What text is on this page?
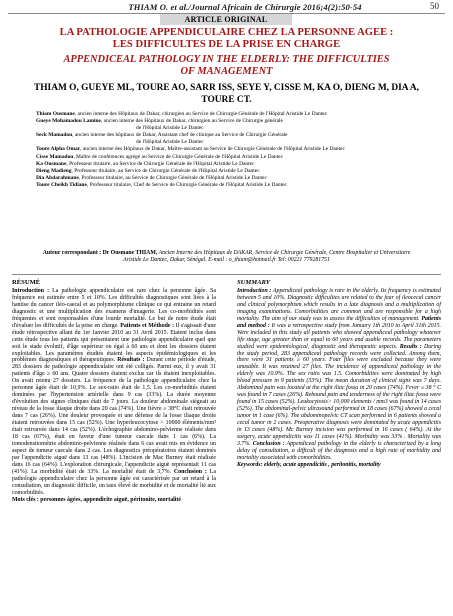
THIAM O. et al./Journal Africain de Chirurgie 2016;4(2):50-54	50
ARTICLE ORIGINAL
LA PATHOLOGIE APPENDICULAIRE CHEZ LA PERSONNE AGEE :
LES DIFFICULTES DE LA PRISE EN CHARGE
APPENDICEAL PATHOLOGY IN THE ELDERLY: THE DIFFICULTIES
OF MANAGEMENT
THIAM O, GUEYE ML, TOURE AO, SARR ISS, SEYE Y, CISSE M, KA O, DIENG M, DIA A,
TOURE CT.
Thiam Ousmane, ancien interne des Hôpitaux de Dakar, chirurgien au Service de Chirurgie Générale de l'Hôpital Aristide Le Dantec
Gueye Mohamadou Lamine, ancien interne des Hôpitaux de Dakar, chirurgien au Service de Chirurgie générale
de l'Hôpital Aristide Le Dantec
Seck Mamadou, ancien interne des hôpitaux de Dakar, Assistant chef de clinique au Service de Chirurgie Générale
de l'Hôpital Aristide Le Dantec
Toure Alpha Omar, ancien interne des Hôpitaux de Dakar, Maître-assistant au Service de Chirurgie Générale de l'Hôpital Aristide Le Dantec
Cisse Mamadou, Maître de conférences agrégé au Service de Chirurgie Générale de l'Hôpital Aristide Le Dantec
Ka Ousmane, Professeur titulaire, au Service de Chirurgie Générale de l'Hôpital Aristide Le Dantec
Dieng Madieng, Professeur titulaire, au Service de Chirurgie Générale de l'Hôpital Aristide Le Dantec
Dia Abdarahmane, Professeur titulaire, au Service de Chirurgie Générale de l'Hôpital Aristide Le Dantec
Toure Cheikh Tidiane, Professeur titulaire, Chef de Service de Chirurgie Générale de l'Hôpital Aristide Le Dantec
Auteur correspondant : Dr Ousmane THIAM, Ancien Interne des Hôpitaux de DAKAR, Service de Chirurgie Générale, Centre Hospitalier et Universitaire Aristide Le Dantec, Dakar, Sénégal. E-mail : o_thiam@hotmail.fr Tel: 00221 779281751
RÉSUMÉ

Introduction : La pathologie appendiculaire est rare chez la personne âgée. Sa fréquence est estimée entre 5 et 10%. Les difficultés diagnostiques sont liées à la hantise du cancer iléo-caecal et au polymorphisme clinique ce qui entraine un retard diagnostic et une multiplication des examens d'imagerie. Les co-morbidités sont fréquentes et sont responsables d'une lourde mortalité. Le but de notre étude était d'évaluer les difficultés de la prise en charge. Patients et Méthode : Il s'agissait d'une étude rétrospective allant du 1er Janvier 2010 au 31 Avril 2015. Etaient inclus dans cette étude tous les patients qui présentaient une pathologie appendiculaire quel que soit le stade évolutif, d'âge supérieur ou égal à 60 ans et dont les dossiers étaient exploitables. Les paramètres étudiés étaient les aspects épidémiologiques et les problèmes diagnostiques et thérapeutiques. Résultats : Durant cette période d'étude, 283 dossiers de pathologie appendiculaire ont été colligés. Parmi eux, il y avait 31 patients d'âge ≥ 60 ans. Quatre dossiers étaient exclus car ils étaient inexploitables. On avait retenu 27 dossiers. La fréquence de la pathologie appendiculaire chez la personne âgée était de 10,9%. Le sex-ratio était de 1,5. Les co-morbidités étaient dominées par l'hypertension artérielle dans 9 cas (33%). La durée moyenne d'évolution des signes cliniques était de 7 jours. La douleur abdominale siégeait au niveau de la fosse iliaque droite dans 20 cas (74%). Une fièvre ≥ 38°C était retrouvée dans 7 cas (26%). Une douleur provoquée et une défense de la fosse iliaque droite étaient retrouvées dans 15 cas (52%). Une hyperleucocytose > 10000 éléments/mm³ était retrouvée dans 14 cas (52%). L'échographie abdomino-pelvienne réalisée dans 18 cas (67%), était en faveur d'une tumeur caecale dans 1 cas (6%). La tomodensitométrie abdomino-pelvienne réalisée dans 6 cas avait mis en évidence un aspect de tumeur caecale dans 2 cas. Les diagnostics préopératoires étaient dominés par l'appendicite aiguë dans 13 cas (48%). L'incision de Mac Burney était réalisée dans 16 cas (64%). L'exploration chirurgicale, l'appendicite aiguë représentait 11 cas (41%). La morbidité était de 33%. La mortalité était de 3,7%. Conclusion : La pathologie appendiculaire chez la personne âgée est caractérisée par un retard à la consultation, un diagnostic difficile, un taux élevé de morbidité et de mortalité lié aux comorbidités.

Mots clés : personnes âgées, appendicite aiguë, péritonite, mortalité

SUMMARY

Introduction : Appendiceal pathology is rare in the elderly. Its frequency is estimated between 5 and 10%. Diagnostic difficulties are related to the fear of ileocecal cancer and clinical polymorphism which results in a late diagnosis and a multiplication of imaging examinations. Comorbidities are common and are responsible for a high mortality. The aim of our study was to assess the difficulties of management. Patients and method : It was a retrospective study from January 1th 2010 to April 31th 2015. Were included in this study all patients who showed appendiceal pathology whatever life stage, age greater than or equal to 60 years and usable records. The parameters studied were epidemiological, diagnostic and therapeutic aspects. Results : During the study period, 283 appendiceal pathology records were collected. Among them, there were 31 patients ≥ 60 years. Four files were excluded because they were unusable. It was retained 27 files. The incidence of appendiceal pathology in the elderly was 10.9%. The sex ratio was 1.5. Comorbidities were dominated by high blood pressure in 9 patients (33%). The mean duration of clinical signs was 7 days. Abdominal pain was located at the right iliac fossa in 20 cases (74%). Fever ≥ 38 ° C was found in 7 cases (26%). Rebound pain and tenderness of the right iliac fossa were found in 15 cases (52%). Leukocytosis> 10,000 elements / mm3 was found in 14 cases (52%). The abdominal-pelvic ultrasound performed in 18 cases (67%) showed a cecal tumor in 1 case (6%). The abdominopelvic CT scan performed in 6 patients showed a cecal tumor in 2 cases. Preoperative diagnosis were dominated by acute appendicitis in 13 cases (48%). Mc Burney incision was performed in 16 cases ( 64%). At the surgery, acute appendicitis was 11 cases (41%). Morbidity was 33% . Mortality was 3.7%. Conclusion : Appendiceal pathology in the elderly is characterized by a long delay of consultation, a difficult of the diagnosis and a high rate of morbidity and mortality associated with comorbidities.

Keywords: elderly, acute appendicitis , peritonitis, mortality
